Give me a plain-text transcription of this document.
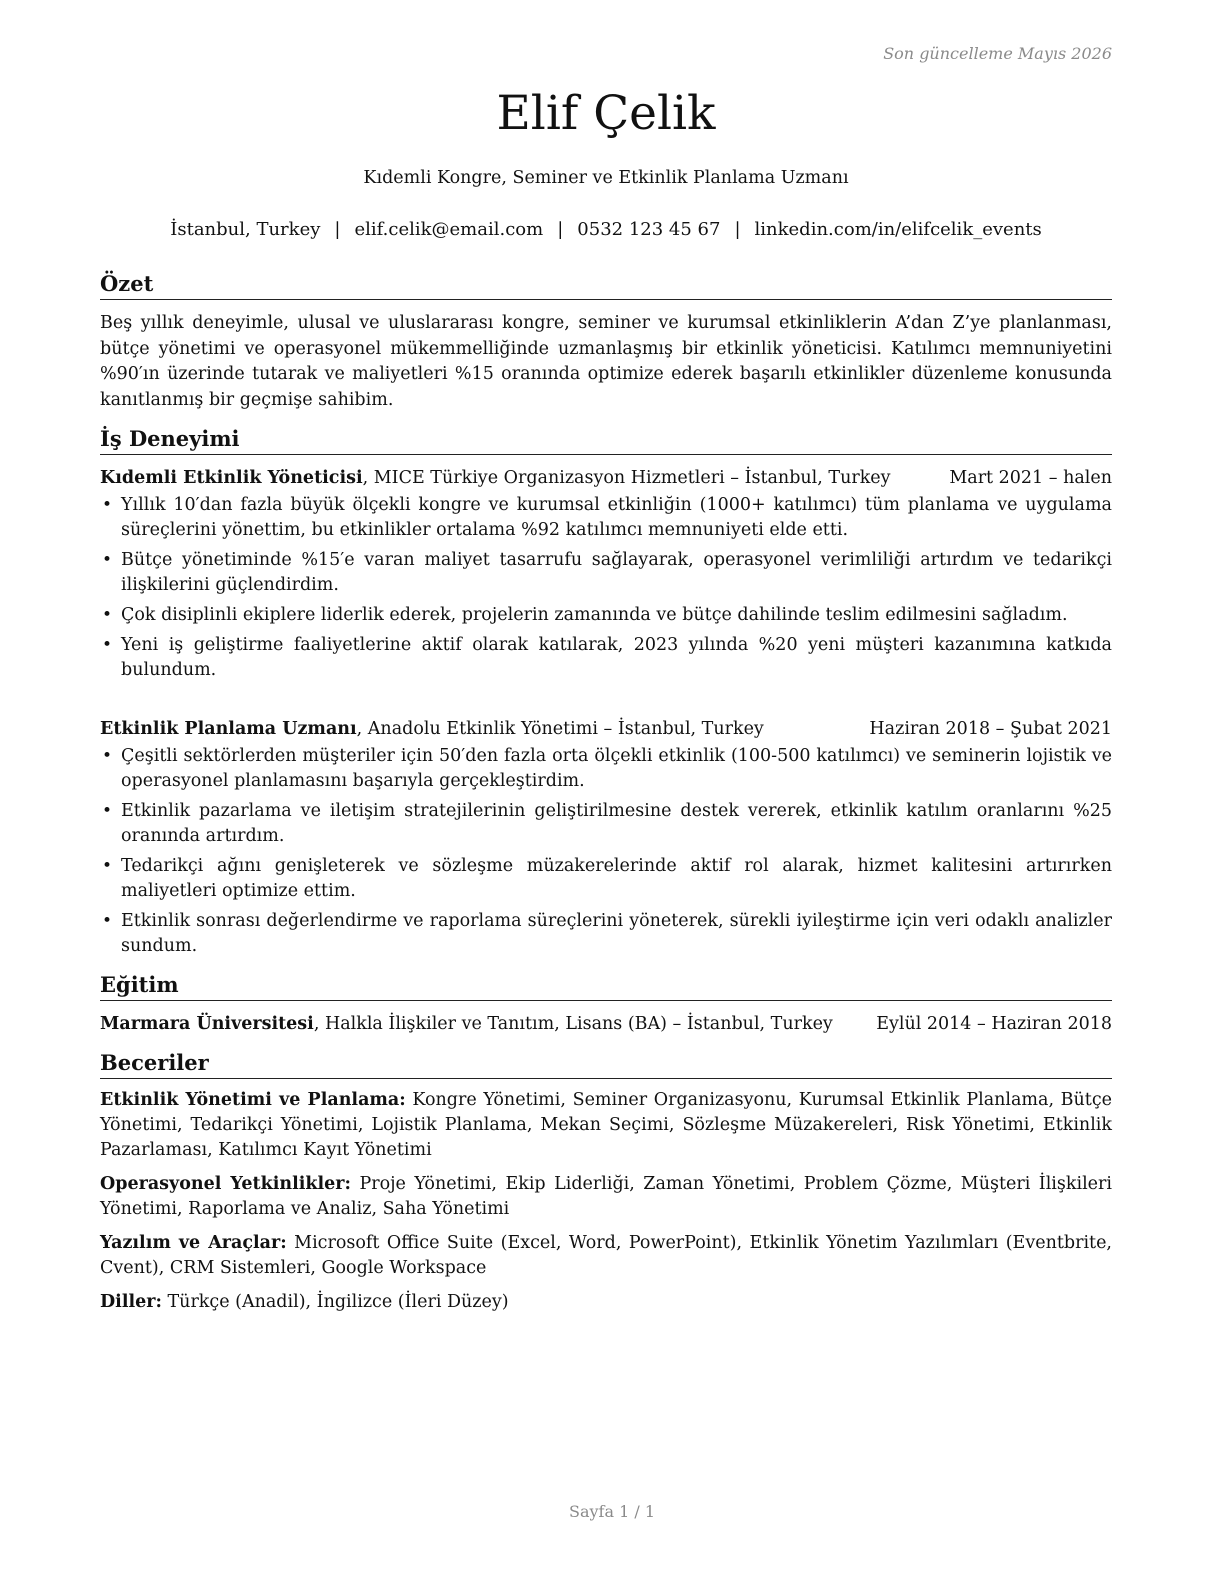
Son güncelleme Mayıs 2026
Elif Çelik
Kıdemli Kongre, Seminer ve Etkinlik Planlama Uzmanı
İstanbul, Turkey | elif.celik@email.com | 0532 123 45 67 | linkedin.com/in/elifcelik_events
Özet
Beş yıllık deneyimle, ulusal ve uluslararası kongre, seminer ve kurumsal etkinliklerin A’dan Z’ye planlanması, bütçe yönetimi ve operasyonel mükemmelliğinde uzmanlaşmış bir etkinlik yöneticisi. Katılımcı memnuniyetini %90′ın üzerinde tutarak ve maliyetleri %15 oranında optimize ederek başarılı etkinlikler düzenleme konusunda kanıtlanmış bir geçmişe sahibim.
İş Deneyimi
Kıdemli Etkinlik Yöneticisi, MICE Türkiye Organizasyon Hizmetleri – İstanbul, Turkey	Mart 2021 – halen
• Yıllık 10′dan fazla büyük ölçekli kongre ve kurumsal etkinliğin (1000+ katılımcı) tüm planlama ve uygulama süreçlerini yönettim, bu etkinlikler ortalama %92 katılımcı memnuniyeti elde etti.
• Bütçe yönetiminde %15′e varan maliyet tasarrufu sağlayarak, operasyonel verimliliği artırdım ve tedarikçi ilişkilerini güçlendirdim.
• Çok disiplinli ekiplere liderlik ederek, projelerin zamanında ve bütçe dahilinde teslim edilmesini sağladım.
• Yeni iş geliştirme faaliyetlerine aktif olarak katılarak, 2023 yılında %20 yeni müşteri kazanımına katkıda bulundum.
Etkinlik Planlama Uzmanı, Anadolu Etkinlik Yönetimi – İstanbul, Turkey	Haziran 2018 – Şubat 2021
• Çeşitli sektörlerden müşteriler için 50′den fazla orta ölçekli etkinlik (100-500 katılımcı) ve seminerin lojistik ve operasyonel planlamasını başarıyla gerçekleştirdim.
• Etkinlik pazarlama ve iletişim stratejilerinin geliştirilmesine destek vererek, etkinlik katılım oranlarını %25 oranında artırdım.
• Tedarikçi ağını genişleterek ve sözleşme müzakerelerinde aktif rol alarak, hizmet kalitesini artırırken maliyetleri optimize ettim.
• Etkinlik sonrası değerlendirme ve raporlama süreçlerini yöneterek, sürekli iyileştirme için veri odaklı analizler sundum.
Eğitim
Marmara Üniversitesi, Halkla İlişkiler ve Tanıtım, Lisans (BA) – İstanbul, Turkey Eylül 2014 – Haziran 2018
Beceriler
Etkinlik Yönetimi ve Planlama: Kongre Yönetimi, Seminer Organizasyonu, Kurumsal Etkinlik Planlama, Bütçe Yönetimi, Tedarikçi Yönetimi, Lojistik Planlama, Mekan Seçimi, Sözleşme Müzakereleri, Risk Yönetimi, Etkinlik Pazarlaması, Katılımcı Kayıt Yönetimi
Operasyonel Yetkinlikler: Proje Yönetimi, Ekip Liderliği, Zaman Yönetimi, Problem Çözme, Müşteri İlişkileri Yönetimi, Raporlama ve Analiz, Saha Yönetimi
Yazılım ve Araçlar: Microsoft Office Suite (Excel, Word, PowerPoint), Etkinlik Yönetim Yazılımları (Eventbrite, Cvent), CRM Sistemleri, Google Workspace
Diller: Türkçe (Anadil), İngilizce (İleri Düzey)
Sayfa 1 / 1
